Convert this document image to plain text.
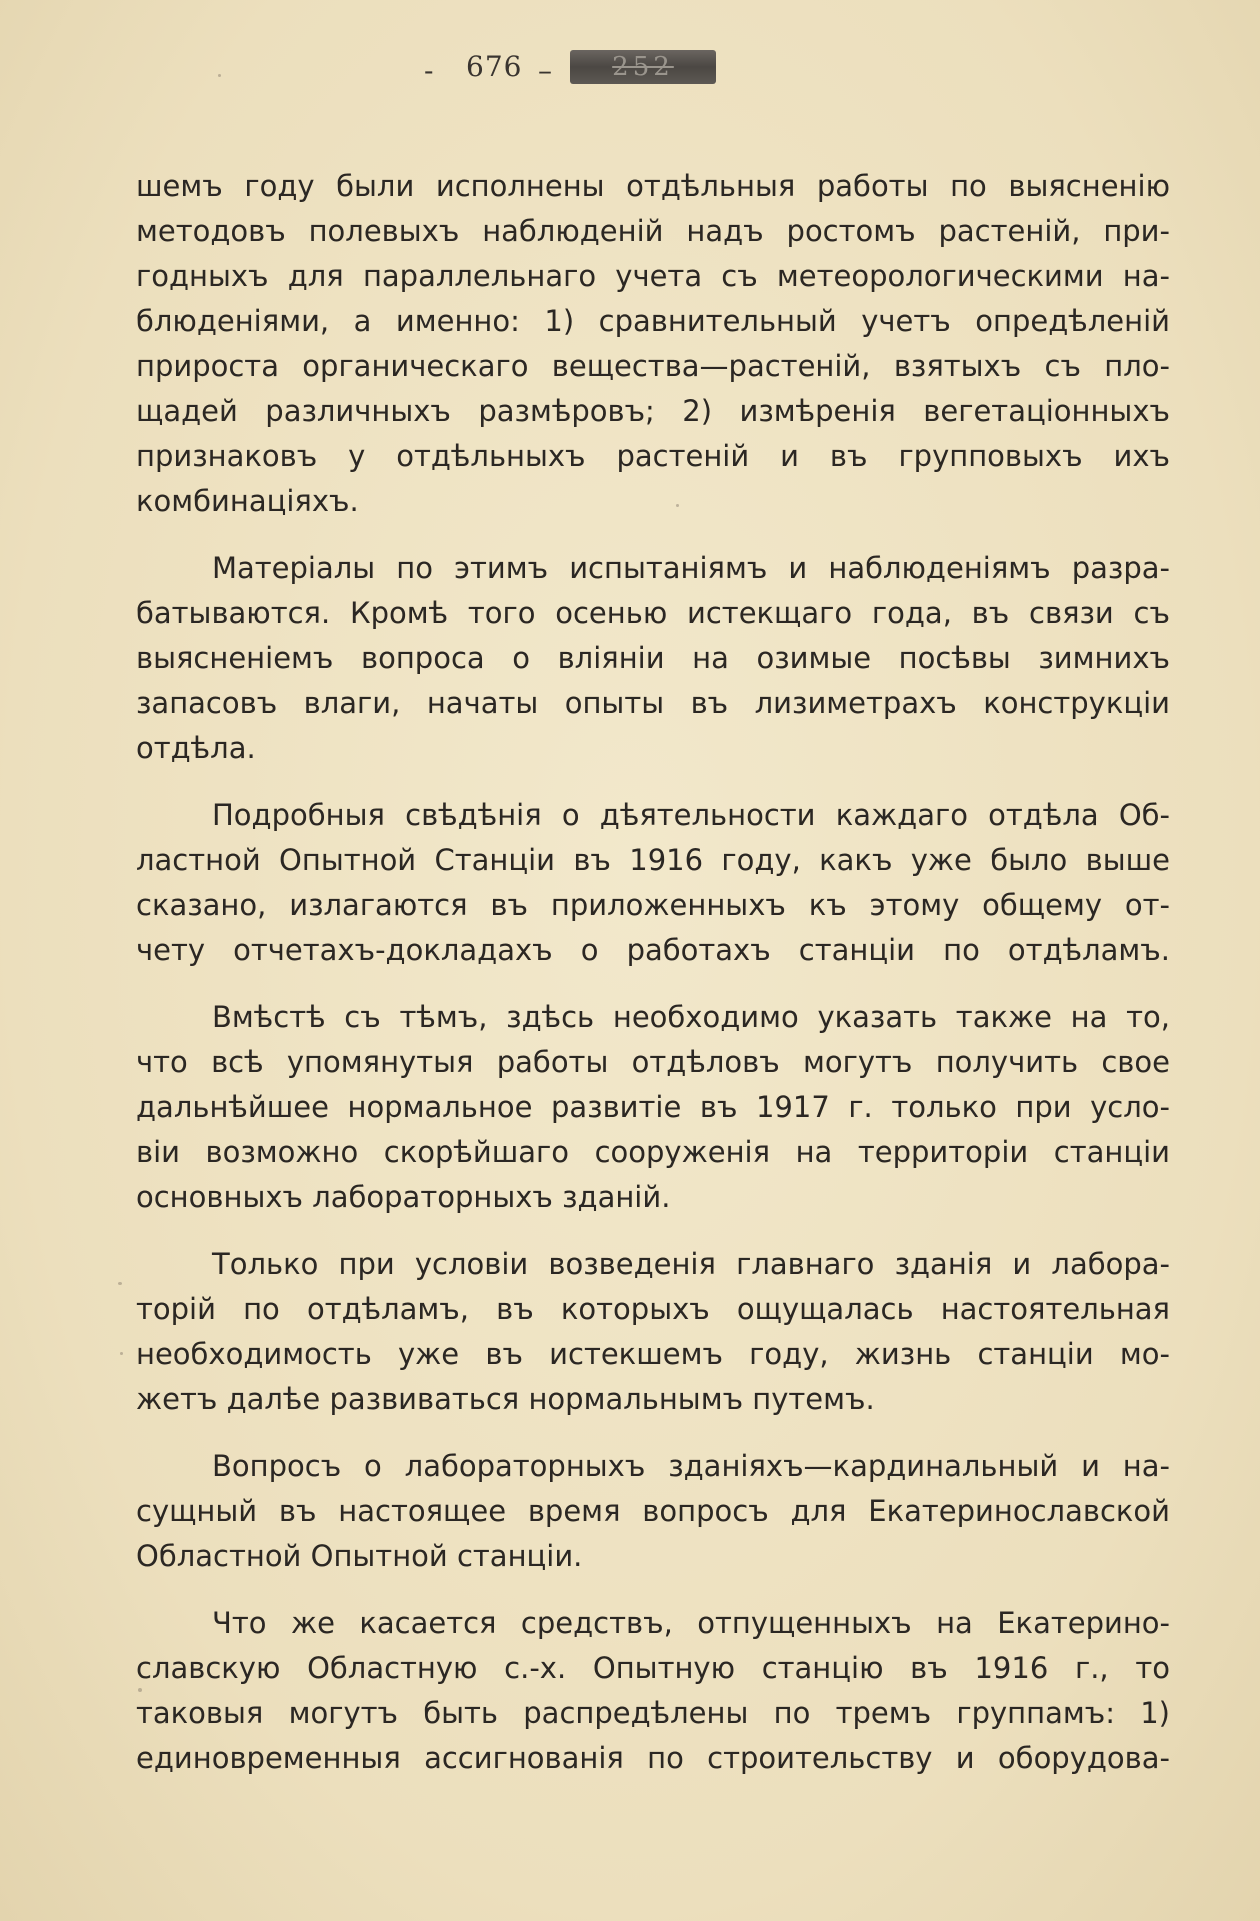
- 676 –	252
шемъ году были исполнены отдѣльныя работы по выясненію
методовъ полевыхъ наблюденій надъ ростомъ растеній, при-
годныхъ для параллельнаго учета съ метеорологическими на-
блюденіями, а именно: 1) сравнительный учетъ опредѣленій
прироста органическаго вещества—растеній, взятыхъ съ пло-
щадей различныхъ размѣровъ; 2) измѣренія вегетаціонныхъ
признаковъ у отдѣльныхъ растеній и въ групповыхъ ихъ
комбинаціяхъ.
Матеріалы по этимъ испытаніямъ и наблюденіямъ разра-
батываются. Кромѣ того осенью истекщаго года, въ связи съ
выясненіемъ вопроса о вліяніи на озимые посѣвы зимнихъ
запасовъ влаги, начаты опыты въ лизиметрахъ конструкціи
отдѣла.
Подробныя свѣдѣнія о дѣятельности каждаго отдѣла Об-
ластной Опытной Станціи въ 1916 году, какъ уже было выше
сказано, излагаются въ приложенныхъ къ этому общему от-
чету отчетахъ-докладахъ о работахъ станціи по отдѣламъ.
Вмѣстѣ съ тѣмъ, здѣсь необходимо указать также на то,
что всѣ упомянутыя работы отдѣловъ могутъ получить свое
дальнѣйшее нормальное развитіе въ 1917 г. только при усло-
віи возможно скорѣйшаго сооруженія на территоріи станціи
основныхъ лабораторныхъ зданій.
Только при условіи возведенія главнаго зданія и лабора-
торій по отдѣламъ, въ которыхъ ощущалась настоятельная
необходимость уже въ истекшемъ году, жизнь станціи мо-
жетъ далѣе развиваться нормальнымъ путемъ.
Вопросъ о лабораторныхъ зданіяхъ—кардинальный и на-
сущный въ настоящее время вопросъ для Екатеринославской
Областной Опытной станціи.
Что же касается средствъ, отпущенныхъ на Екатерино-
славскую Областную с.-х. Опытную станцію въ 1916 г., то
таковыя могутъ быть распредѣлены по тремъ группамъ: 1)
единовременныя ассигнованія по строительству и оборудова-
